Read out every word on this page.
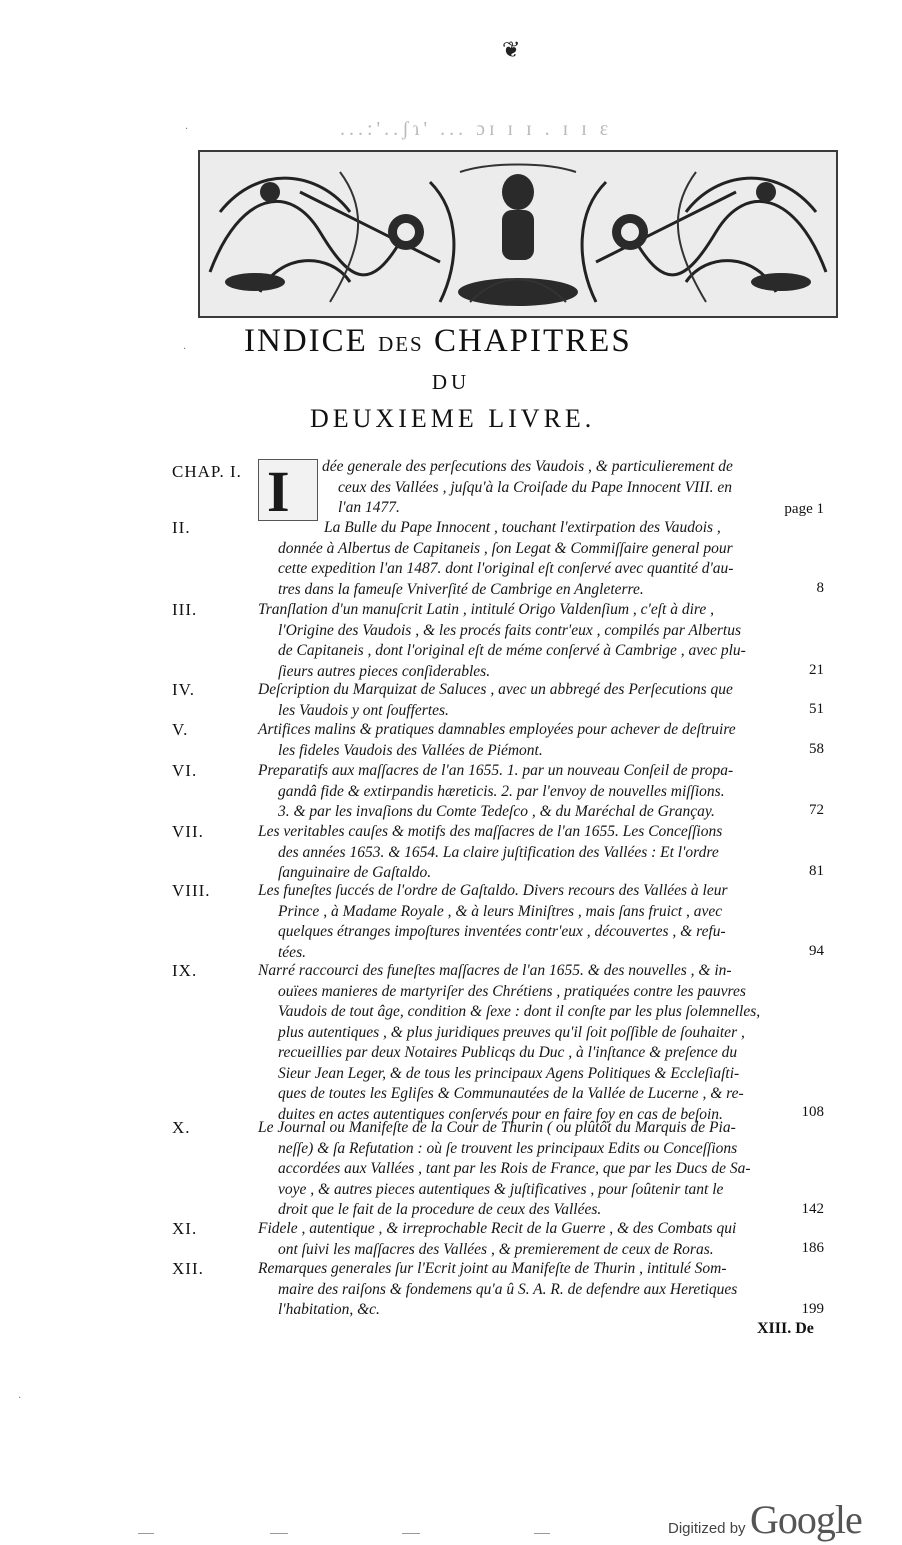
❦
...:'..ʃɿ' ... ɔɪ ɪ ɪ . ɪ ɪ ɛ
INDICE DES CHAPITRES
DU
DEUXIEME LIVRE.
CHAP. I. I dée generale des perſecutions des Vaudois , & particulierement de
ceux des Vallées , juſqu'à la Croiſade du Pape Innocent VIII. en
l'an 1477.	page 1
II.	La Bulle du Pape Innocent , touchant l'extirpation des Vaudois ,
donnée à Albertus de Capitaneis , ſon Legat & Commiſſaire general pour
cette expedition l'an 1487. dont l'original eſt conſervé avec quantité d'au-
tres dans la fameuſe Vniverſité de Cambrige en Angleterre.	8
III.	Tranſlation d'un manuſcrit Latin , intitulé Origo Valdenſium , c'eſt à dire ,
l'Origine des Vaudois , & les procés faits contr'eux , compilés par Albertus
de Capitaneis , dont l'original eſt de méme conſervé à Cambrige , avec plu-
ſieurs autres pieces conſiderables.	21
IV.	Deſcription du Marquizat de Saluces , avec un abbregé des Perſecutions que
les Vaudois y ont ſouffertes.	51
V.	Artifices malins & pratiques damnables employées pour achever de deſtruire
les fideles Vaudois des Vallées de Piémont.	58
VI.	Preparatifs aux maſſacres de l'an 1655. 1. par un nouveau Conſeil de propa-
gandâ fide & extirpandis hæreticis. 2. par l'envoy de nouvelles miſſions.
3. & par les invaſions du Comte Tedeſco , & du Maréchal de Grançay.	72
VII.	Les veritables cauſes & motifs des maſſacres de l'an 1655. Les Conceſſions
des années 1653. & 1654. La claire juſtification des Vallées : Et l'ordre
ſanguinaire de Gaſtaldo.	81
VIII.	Les funeſtes ſuccés de l'ordre de Gaſtaldo. Divers recours des Vallées à leur
Prince , à Madame Royale , & à leurs Miniſtres , mais ſans fruict , avec
quelques étranges impoſtures inventées contr'eux , découvertes , & refu-
tées.	94
IX.	Narré raccourci des funeſtes maſſacres de l'an 1655. & des nouvelles , & in-
ouïees manieres de martyriſer des Chrétiens , pratiquées contre les pauvres
Vaudois de tout âge, condition & ſexe : dont il conſte par les plus ſolemnelles,
plus autentiques , & plus juridiques preuves qu'il ſoit poſſible de ſouhaiter ,
recueillies par deux Notaires Publicqs du Duc , à l'inſtance & preſence du
Sieur Jean Leger, & de tous les principaux Agens Politiques & Eccleſiaſti-
ques de toutes les Egliſes & Communautées de la Vallée de Lucerne , & re-
duites en actes autentiques conſervés pour en faire foy en cas de beſoin.	108
X.	Le Journal ou Manifeſte de la Cour de Thurin ( ou plûtôt du Marquis de Pia-
neſſe) & ſa Refutation : où ſe trouvent les principaux Edits ou Conceſſions
accordées aux Vallées , tant par les Rois de France, que par les Ducs de Sa-
voye , & autres pieces autentiques & juſtificatives , pour ſoûtenir tant le
droit que le fait de la procedure de ceux des Vallées.	142
XI.	Fidele , autentique , & irreprochable Recit de la Guerre , & des Combats qui
ont ſuivi les maſſacres des Vallées , & premierement de ceux de Roras.	186
XII.	Remarques generales ſur l'Ecrit joint au Manifeſte de Thurin , intitulé Som-
maire des raiſons & fondemens qu'a û S. A. R. de defendre aux Heretiques
l'habitation, &c.	199
XIII. De
·
·
·
Digitized by Google
